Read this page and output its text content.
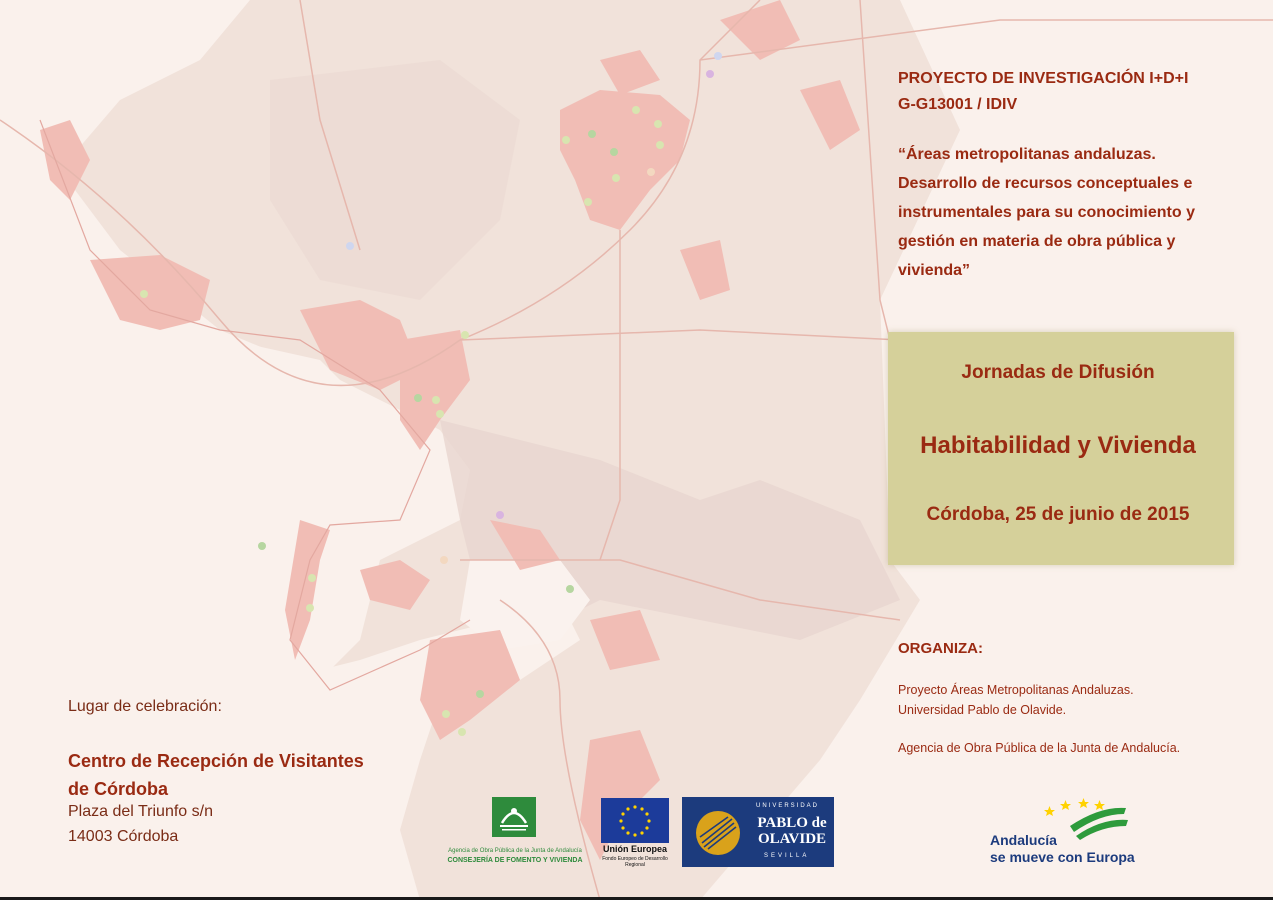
PROYECTO DE INVESTIGACIÓN I+D+I
G-G13001 / IDIV
“Áreas metropolitanas andaluzas. Desarrollo de recursos conceptuales e instrumentales para su conocimiento y gestión en materia de obra pública y vivienda”
Jornadas de Difusión
Habitabilidad y Vivienda
Córdoba, 25 de junio de 2015
ORGANIZA:
Proyecto Áreas Metropolitanas Andaluzas.
Universidad Pablo de Olavide.
Agencia de Obra Pública de la Junta de Andalucía.
Lugar de celebración:
Centro de Recepción de Visitantes de Córdoba
Plaza del Triunfo s/n
14003 Córdoba
Agencia de Obra Pública de la Junta de Andalucía
CONSEJERÍA DE FOMENTO Y VIVIENDA
Unión Europea
Fondo Europeo de Desarrollo Regional
UNIVERSIDAD
PABLO de OLAVIDE
SEVILLA
Andalucía
se mueve con Europa
